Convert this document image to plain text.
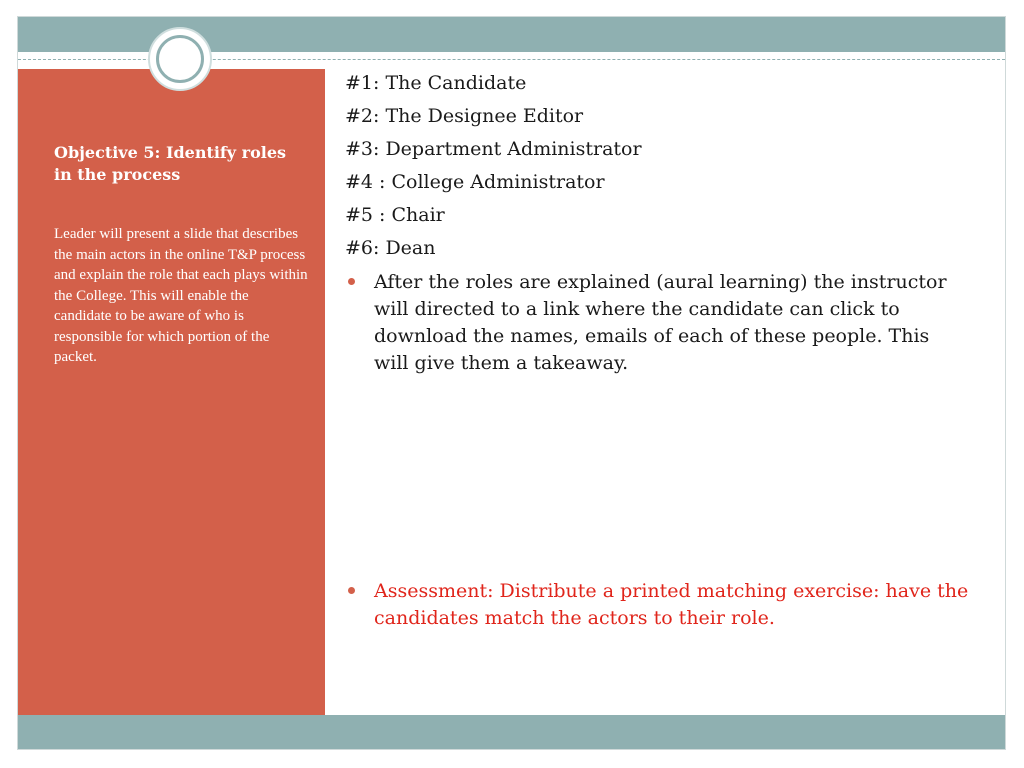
Objective 5: Identify roles in the process

Leader will present a slide that describes the main actors in the online T&P process and explain the role that each plays within the College. This will enable the candidate to be aware of who is responsible for which portion of the packet.

#1: The Candidate

#2: The Designee Editor

#3: Department Administrator

#4 : College Administrator

#5 : Chair

#6: Dean

After the roles are explained (aural learning) the instructor will directed to a link where the candidate can click to download the names, emails of each of these people. This will give them a takeaway.

Assessment: Distribute a printed matching exercise: have the candidates match the actors to their role.
